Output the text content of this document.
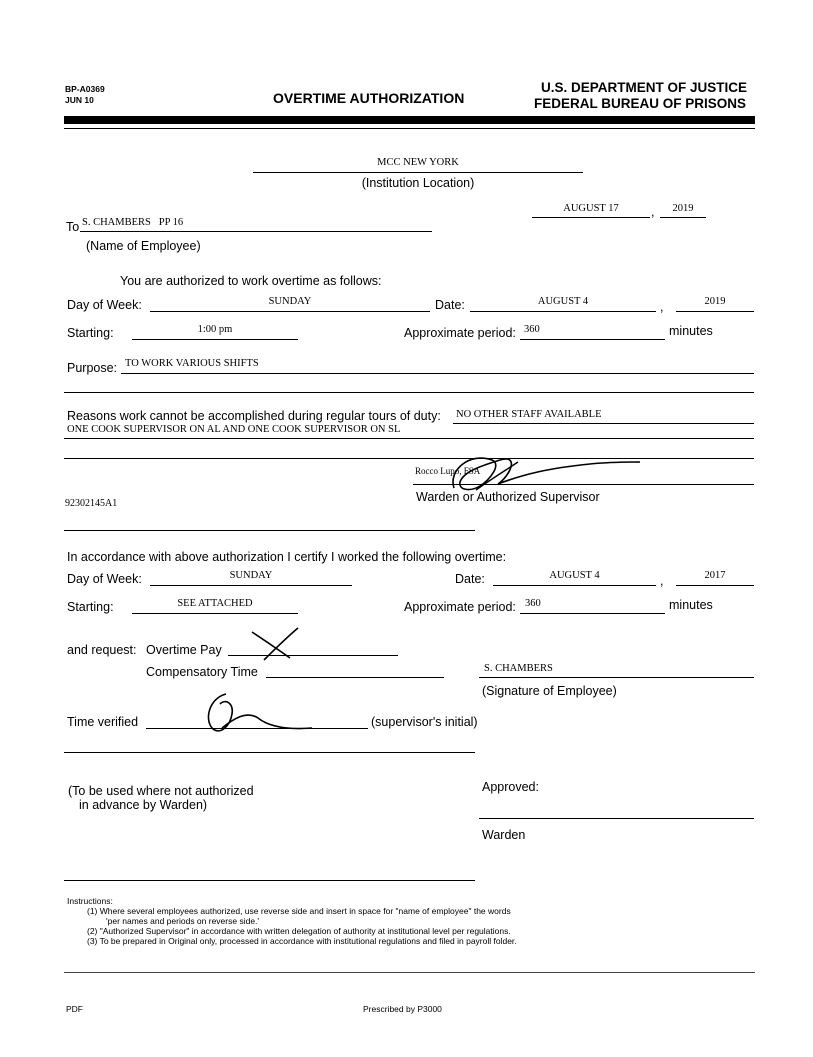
BP-A0369
JUN 10	OVERTIME AUTHORIZATION
U.S. DEPARTMENT OF JUSTICE
FEDERAL BUREAU OF PRISONS
MCC NEW YORK
(Institution Location)
AUGUST 17	,	2019
To S. CHAMBERS   PP 16
(Name of Employee)
You are authorized to work overtime as follows:
Day of Week:	SUNDAY	Date:	AUGUST 4	,	2019
Starting:	1:00 pm	Approximate period: 360	minutes
Purpose: TO WORK VARIOUS SHIFTS
Reasons work cannot be accomplished during regular tours of duty: NO OTHER STAFF AVAILABLE
ONE COOK SUPERVISOR ON AL AND ONE COOK SUPERVISOR ON SL
Rocco Lupo, FSA
Warden or Authorized Supervisor
92302145A1
In accordance with above authorization I certify I worked the following overtime:
Day of Week:	SUNDAY	Date:	AUGUST 4	,	2017
Starting:	SEE ATTACHED	Approximate period: 360	minutes
and request: Overtime Pay
Compensatory Time	S. CHAMBERS
(Signature of Employee)
Time verified	(supervisor's initial)
(To be used where not authorized
in advance by Warden)
Approved:
Warden
Instructions:
(1) Where several employees authorized, use reverse side and insert in space for "name of employee" the words
'per names and periods on reverse side.'
(2) "Authorized Supervisor" in accordance with written delegation of authority at institutional level per regulations.
(3) To be prepared in Original only, processed in accordance with institutional regulations and filed in payroll folder.
PDF	Prescribed by P3000
